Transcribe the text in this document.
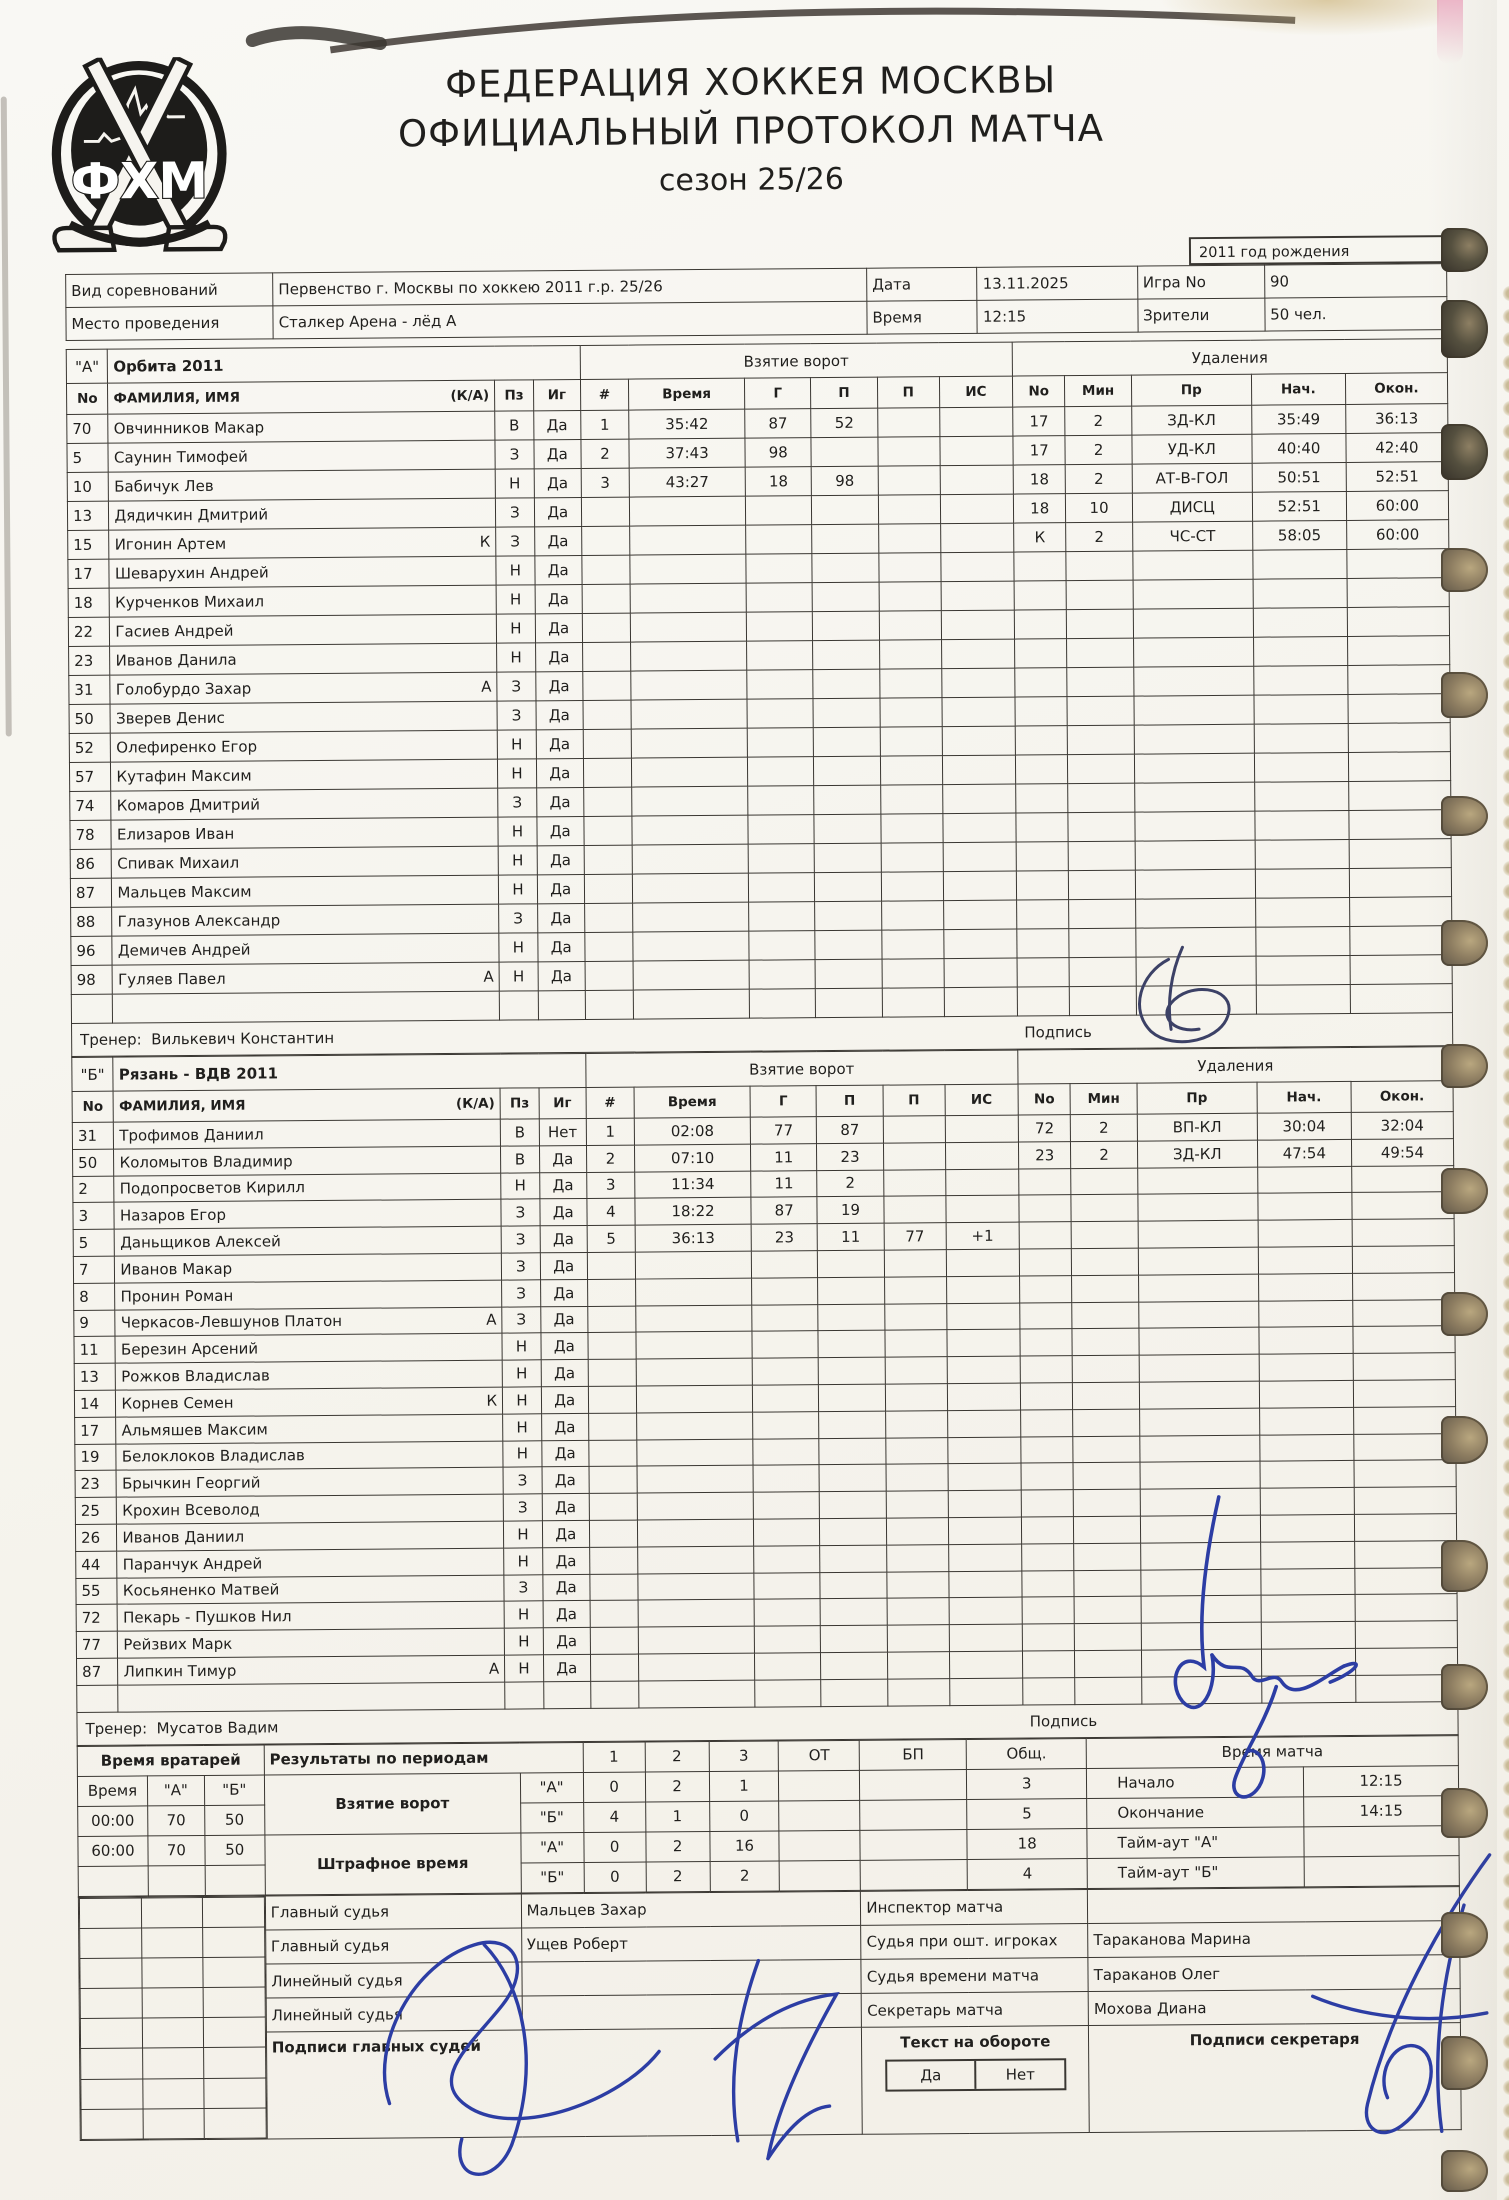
ФХМ
ФЕДЕРАЦИЯ ХОККЕЯ МОСКВЫ
ОФИЦИАЛЬНЫЙ ПРОТОКОЛ МАТЧА
сезон 25/26
2011 год рождения
Вид соревнований	Первенство г. Москвы по хоккею 2011 г.р. 25/26	Дата	13.11.2025	Игра No	90
Место проведения	Сталкер Арена - лёд А	Время	12:15	Зрители	50 чел.
"А"	Орбита 2011			Взятие ворот						Удаления				
No	ФАМИЛИЯ, ИМЯ (К/А)	Пз	Иг	#	Время	Г	П	П	ИС	No	Мин	Пр	Нач.	Окон.
70	Овчинников Макар	В	Да	1	35:42	87	52			17	2	ЗД-КЛ	35:49	36:13
5	Саунин Тимофей	З	Да	2	37:43	98				17	2	УД-КЛ	40:40	42:40
10	Бабичук Лев	Н	Да	3	43:27	18	98			18	2	АТ-В-ГОЛ	50:51	52:51
13	Дядичкин Дмитрий	З	Да							18	10	ДИСЦ	52:51	60:00
15	Игонин Артем К	З	Да							К	2	ЧС-СТ	58:05	60:00
17	Шеварухин Андрей	Н	Да											
18	Курченков Михаил	Н	Да											
22	Гасиев Андрей	Н	Да											
23	Иванов Данила	Н	Да											
31	Голобурдо Захар А	З	Да											
50	Зверев Денис	З	Да											
52	Олефиренко Егор	Н	Да											
57	Кутафин Максим	Н	Да											
74	Комаров Дмитрий	З	Да											
78	Елизаров Иван	Н	Да											
86	Спивак Михаил	Н	Да											
87	Мальцев Максим	Н	Да											
88	Глазунов Александр	З	Да											
96	Демичев Андрей	Н	Да											
98	Гуляев Павел А	Н	Да											

Тренер: Вилькевич Константин	Подпись
"Б"	Рязань - ВДВ 2011			Взятие ворот						Удаления				
No	ФАМИЛИЯ, ИМЯ (К/А)	Пз	Иг	#	Время	Г	П	П	ИС	No	Мин	Пр	Нач.	Окон.
31	Трофимов Даниил	В	Нет	1	02:08	77	87			72	2	ВП-КЛ	30:04	32:04
50	Коломытов Владимир	В	Да	2	07:10	11	23			23	2	ЗД-КЛ	47:54	49:54
2	Подопросветов Кирилл	Н	Да	3	11:34	11	2							
3	Назаров Егор	З	Да	4	18:22	87	19							
5	Даньщиков Алексей	З	Да	5	36:13	23	11	77	+1					
7	Иванов Макар	З	Да											
8	Пронин Роман	З	Да											
9	Черкасов-Левшунов Платон А	З	Да											
11	Березин Арсений	Н	Да											
13	Рожков Владислав	Н	Да											
14	Корнев Семен К	Н	Да											
17	Альмяшев Максим	Н	Да											
19	Белоклоков Владислав	Н	Да											
23	Брычкин Георгий	З	Да											
25	Крохин Всеволод	З	Да											
26	Иванов Даниил	Н	Да											
44	Паранчук Андрей	Н	Да											
55	Косьяненко Матвей	З	Да											
72	Пекарь - Пушков Нил	Н	Да											
77	Рейзвих Марк	Н	Да											
87	Липкин Тимур А	Н	Да											

Тренер: Мусатов Вадим	Подпись
Время вратарей			Результаты по периодам		1	2	3	ОТ	БП	Общ.	Время матча	
Время	"А"	"Б"	Взятие ворот	"А"	0	2	1			3	Начало	12:15
00:00	70	50		"Б"	4	1	0			5	Окончание	14:15
60:00	70	50	Штрафное время	"А"	0	2	16			18	Тайм-аут "А"	
				"Б"	0	2	2			4	Тайм-аут "Б"	

	Главный судья	Мальцев Захар	Инспектор матча	
Главный судья	Ущев Роберт	Судья при ошт. игроках	Тараканова Марина
Линейный судья		Судья времени матча	Тараканов Олег
Линейный судья		Секретарь матча	Мохова Диана
Подписи главных судей	Текст на обороте
Да	Нет
	Подписи секретаря
